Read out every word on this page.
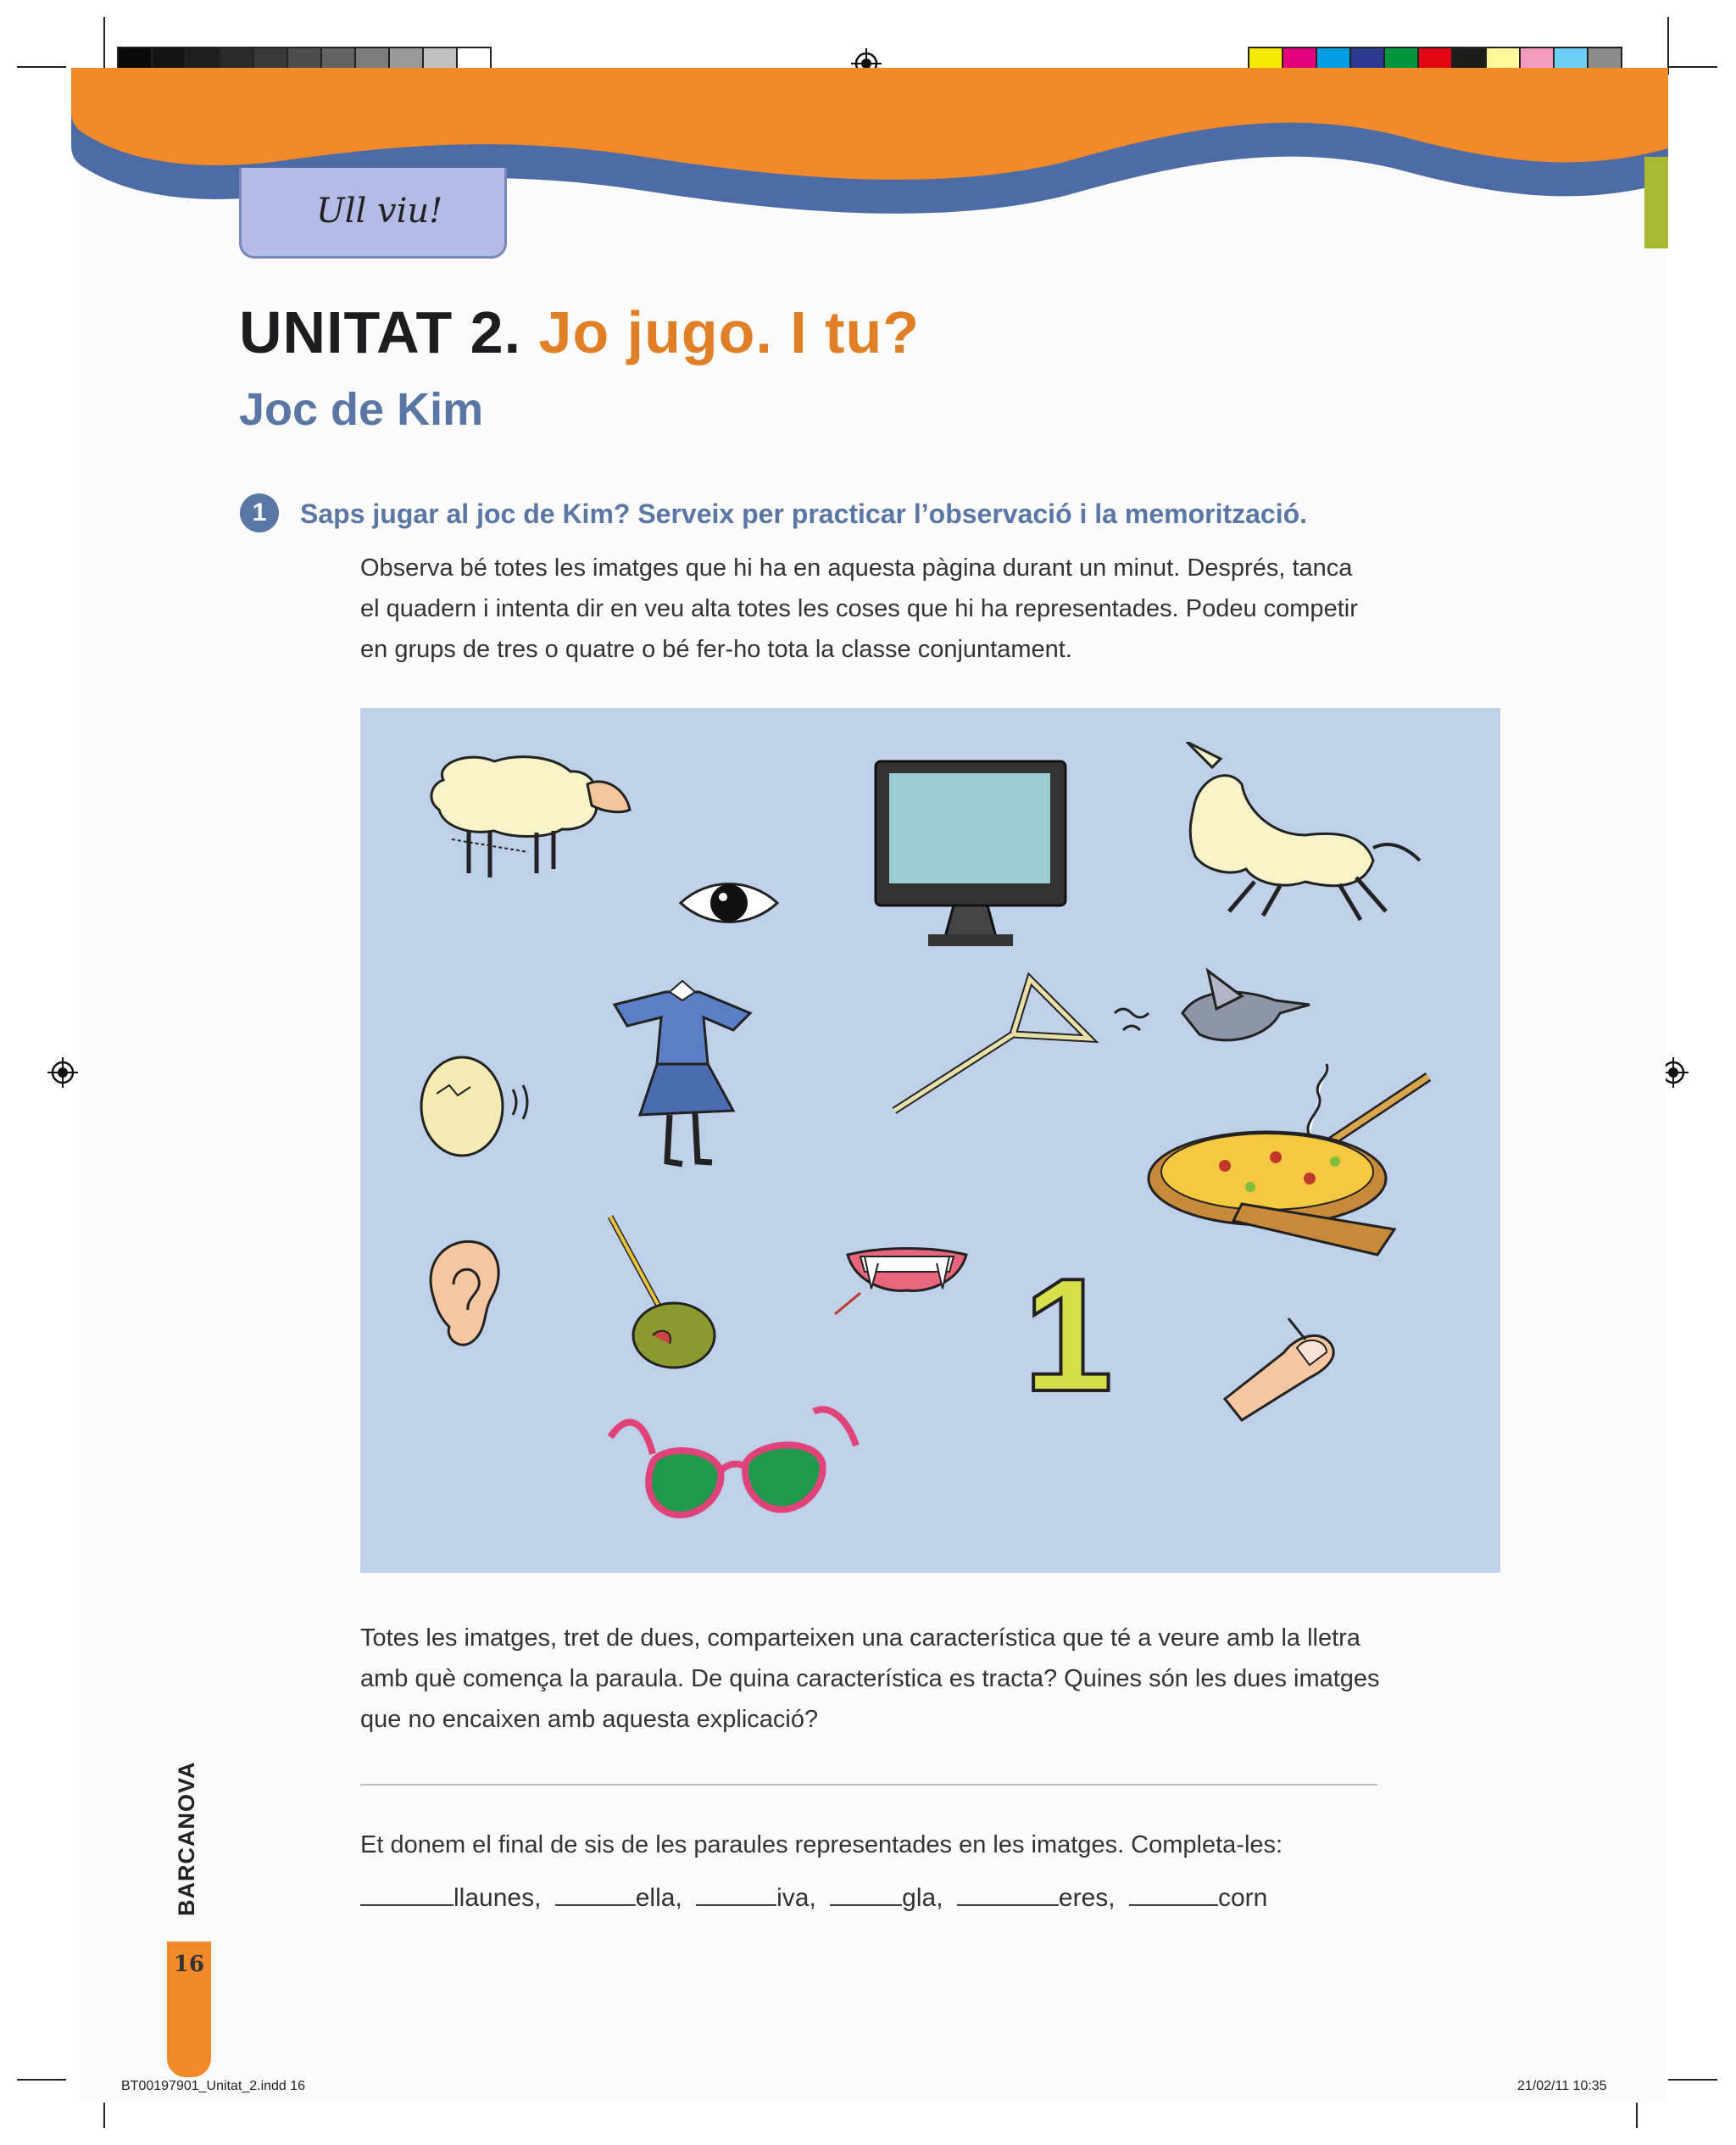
Ull viu!
UNITAT 2. Jo jugo. I tu?
Joc de Kim
1	Saps jugar al joc de Kim? Serveix per practicar l’observació i la memorització.
Observa bé totes les imatges que hi ha en aquesta pàgina durant un minut. Després, tanca
el quadern i intenta dir en veu alta totes les coses que hi ha representades. Podeu competir
en grups de tres o quatre o bé fer-ho tota la classe conjuntament.
1
Totes les imatges, tret de dues, comparteixen una característica que té a veure amb la lletra
amb què comença la paraula. De quina característica es tracta? Quines són les dues imatges
que no encaixen amb aquesta explicació?
Et donem el final de sis de les paraules representades en les imatges. Completa-les:
llaunes,	ella,	iva,	gla,	eres,	corn
BARCANOVA
16
BT00197901_Unitat_2.indd 16	21/02/11 10:35
